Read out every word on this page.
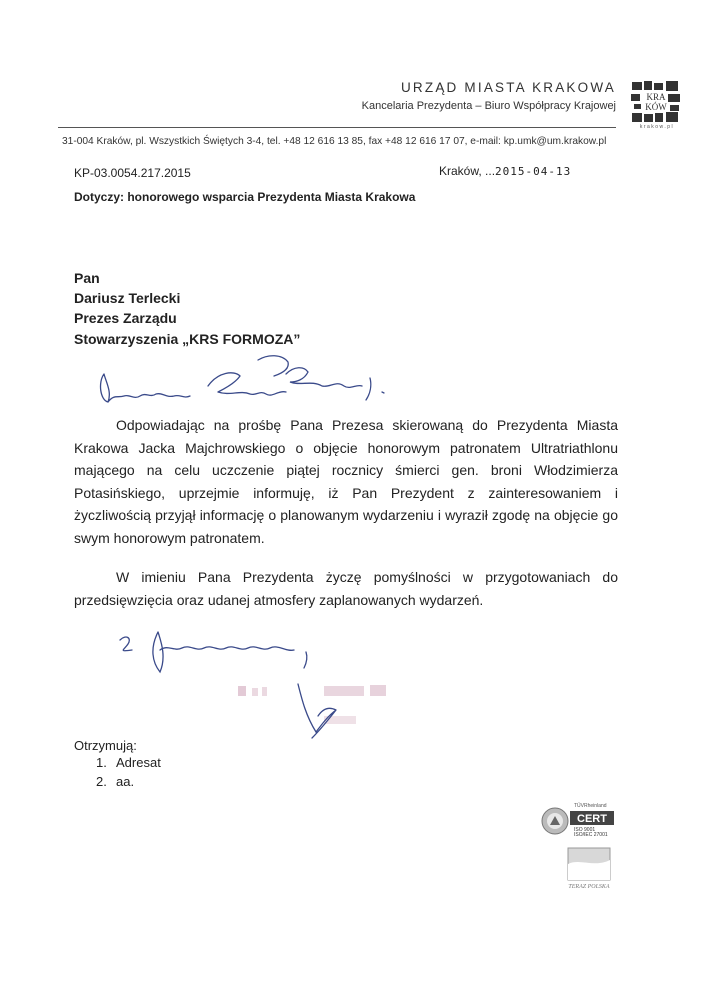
URZĄD MIASTA KRAKOWA
Kancelaria Prezydenta – Biuro Współpracy Krajowej
KRA
KÓW
krakow.pl
31-004 Kraków, pl. Wszystkich Świętych 3-4, tel. +48 12 616 13 85, fax +48 12 616 17 07, e-mail: kp.umk@um.krakow.pl
KP-03.0054.217.2015	Kraków, ...2015-04-13
Dotyczy: honorowego wsparcia Prezydenta Miasta Krakowa
Pan
Dariusz Terlecki
Prezes Zarządu
Stowarzyszenia „KRS FORMOZA”
Odpowiadając na prośbę Pana Prezesa skierowaną do Prezydenta Miasta Krakowa Jacka Majchrowskiego o objęcie honorowym patronatem Ultratriathlonu mającego na celu uczczenie piątej rocznicy śmierci gen. broni Włodzimierza Potasińskiego, uprzejmie informuję, iż Pan Prezydent z zainteresowaniem i życzliwością przyjął informację o planowanym wydarzeniu i wyraził zgodę na objęcie go swym honorowym patronatem.
W imieniu Pana Prezydenta życzę pomyślności w przygotowaniach do przedsięwzięcia oraz udanej atmosfery zaplanowanych wydarzeń.
Otrzymują:
1. Adresat
2. aa.
TÜVRheinland
CERT
ISO 9001
ISO/IEC 27001
TERAZ POLSKA
